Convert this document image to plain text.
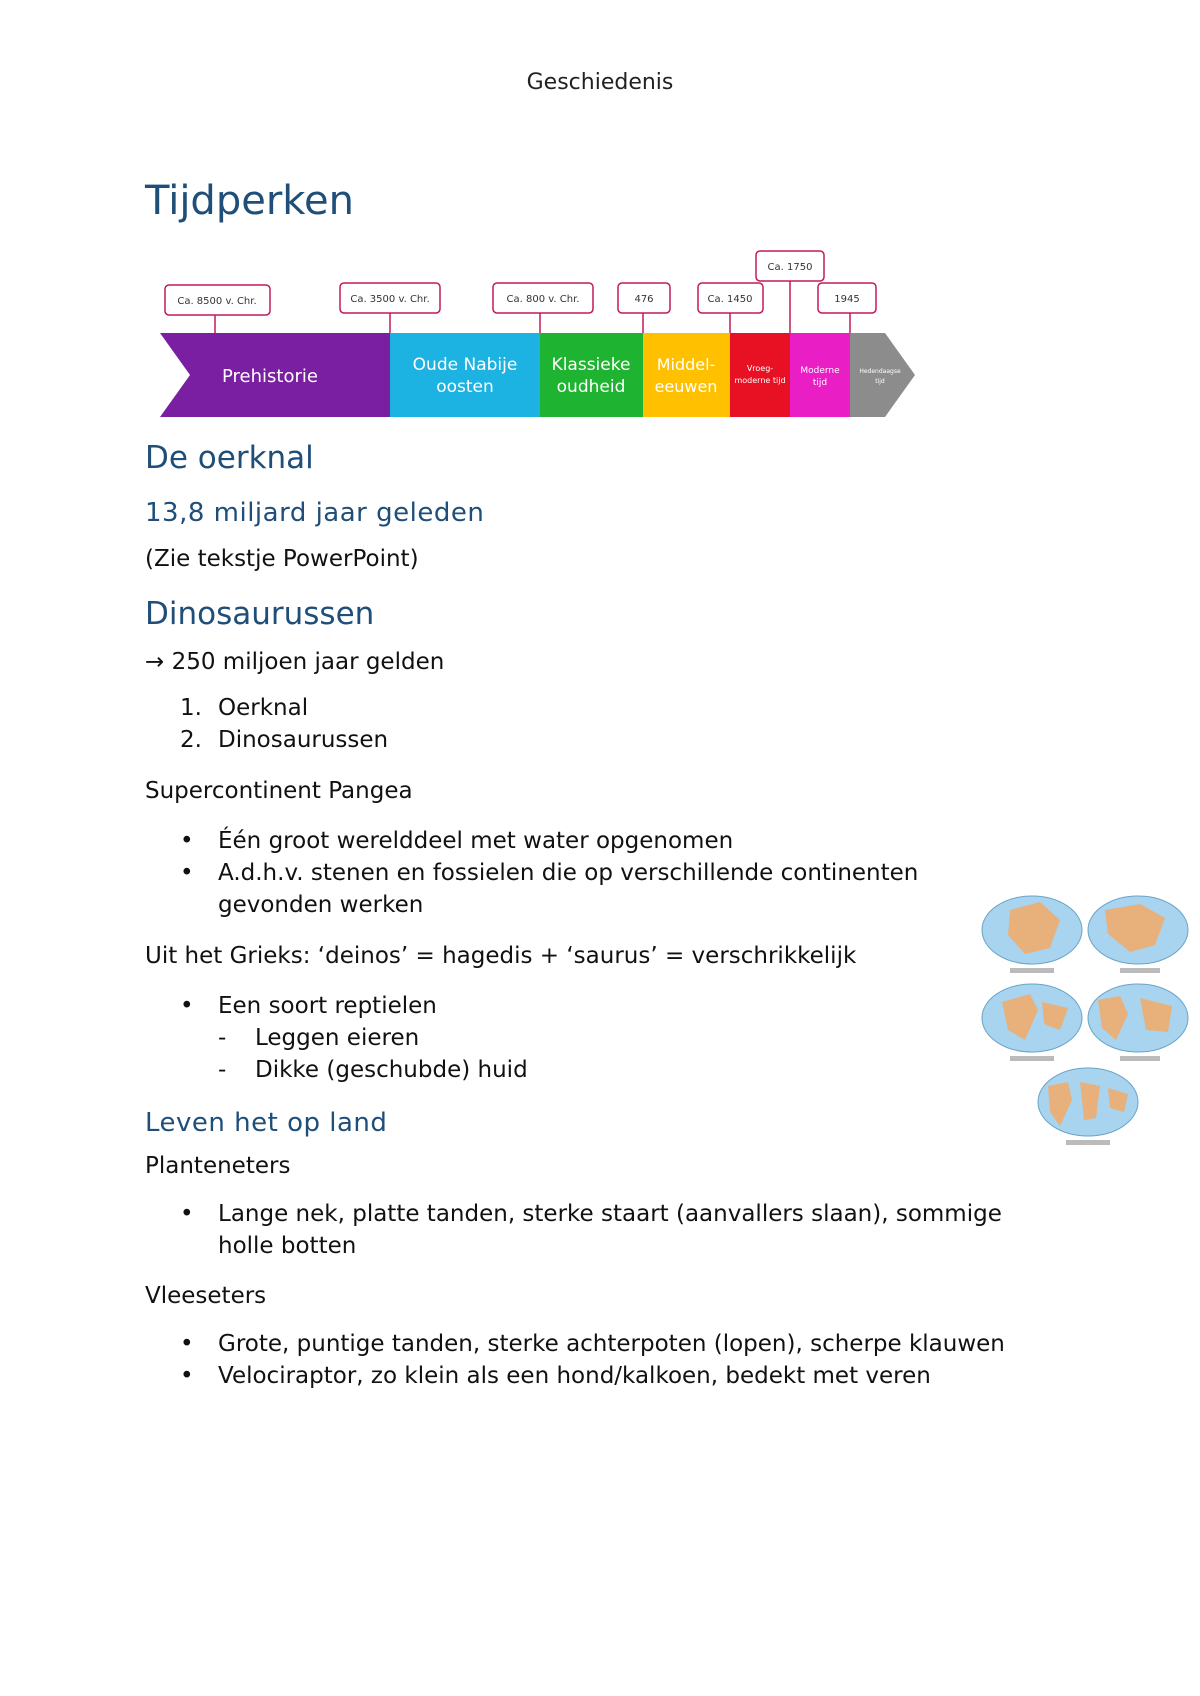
Geschiedenis
Tijdperken
Ca. 8500 v. Chr.	Ca. 3500 v. Chr.	Ca. 800 v. Chr.	476	Ca. 1450
Ca. 1750
1945
Prehistorie
Oude Nabije
oosten
Klassieke
oudheid
Middel-
eeuwen
Vroeg-
moderne tijd
Moderne
tijd
Hedendaagse
tijd
De oerknal
13,8 miljard jaar geleden

(Zie tekstje PowerPoint)

Dinosaurussen

→ 250 miljoen jaar gelden

1. Oerknal
2. Dinosaurussen

Supercontinent Pangea

• Één groot werelddeel met water opgenomen
• A.d.h.v. stenen en fossielen die op verschillende continenten
gevonden werken

Uit het Grieks: ‘deinos’ = hagedis + ‘saurus’ = verschrikkelijk

• Een soort reptielen
- Leggen eieren
- Dikke (geschubde) huid
Leven het op land

Planteneters

• Lange nek, platte tanden, sterke staart (aanvallers slaan), sommige
holle botten

Vleeseters

• Grote, puntige tanden, sterke achterpoten (lopen), scherpe klauwen
• Velociraptor, zo klein als een hond/kalkoen, bedekt met veren
